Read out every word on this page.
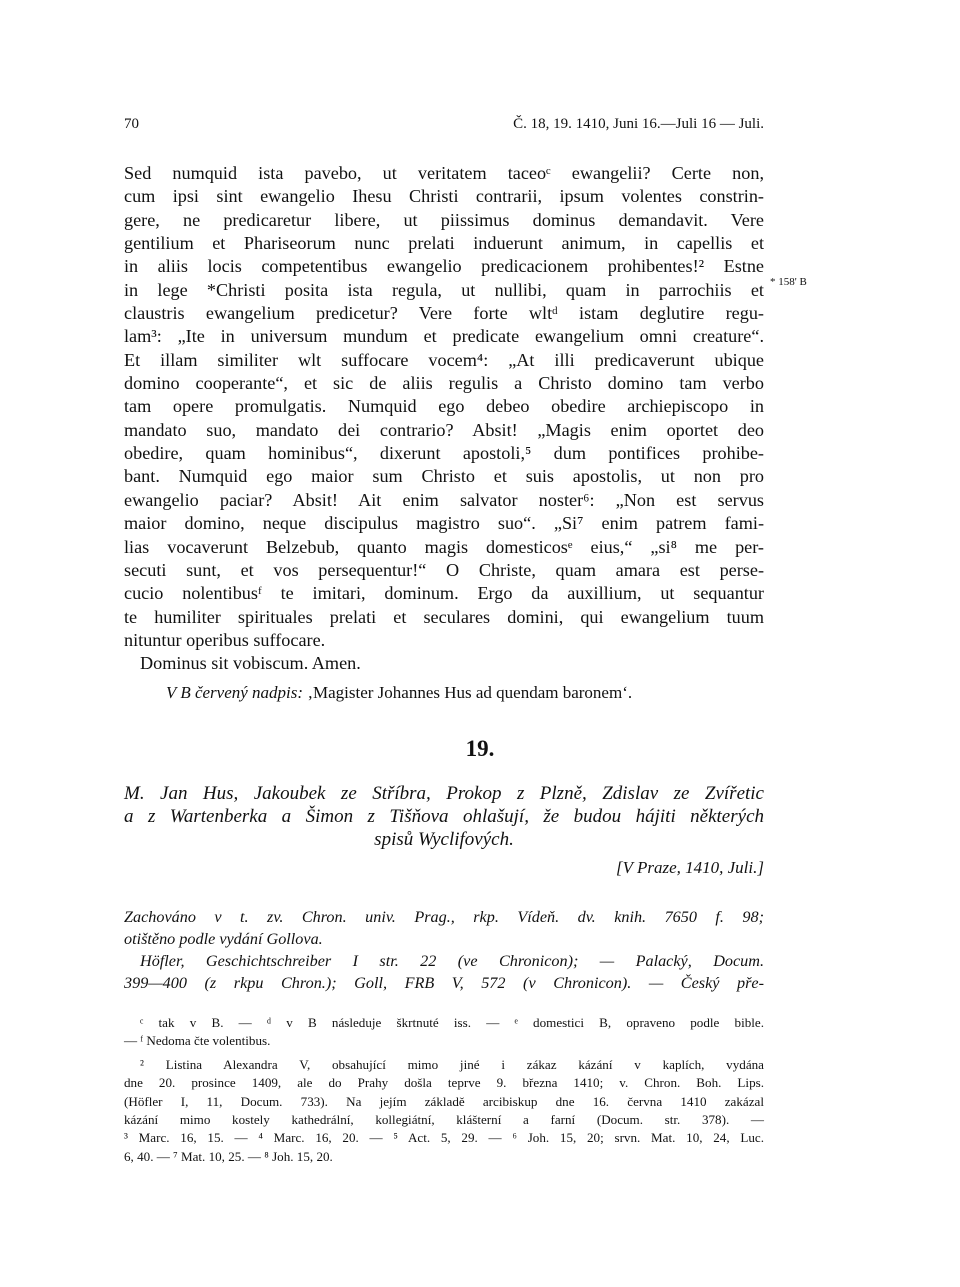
70	Č. 18, 19. 1410, Juni 16.—Juli 16 — Juli.
Sed numquid ista pavebo, ut veritatem taceoᶜ ewangelii? Certe non,
cum ipsi sint ewangelio Ihesu Christi contrarii, ipsum volentes constrin-
gere, ne predicaretur libere, ut piissimus dominus demandavit. Vere
gentilium et Phariseorum nunc prelati induerunt animum, in capellis et
in aliis locis competentibus ewangelio predicacionem prohibentes!² Estne
in lege *Christi posita ista regula, ut nullibi, quam in parrochiis et
claustris ewangelium predicetur? Vere forte wltᵈ istam deglutire regu-
lam³: „Ite in universum mundum et predicate ewangelium omni creature“.
Et illam similiter wlt suffocare vocem⁴: „At illi predicaverunt ubique
domino cooperante“, et sic de aliis regulis a Christo domino tam verbo
tam opere promulgatis. Numquid ego debeo obedire archiepiscopo in
mandato suo, mandato dei contrario? Absit! „Magis enim oportet deo
obedire, quam hominibus“, dixerunt apostoli,⁵ dum pontifices prohibe-
bant. Numquid ego maior sum Christo et suis apostolis, ut non pro
ewangelio paciar? Absit! Ait enim salvator noster⁶: „Non est servus
maior domino, neque discipulus magistro suo“. „Si⁷ enim patrem fami-
lias vocaverunt Belzebub, quanto magis domesticosᵉ eius,“ „si⁸ me per-
secuti sunt, et vos persequentur!“ O Christe, quam amara est perse-
cucio nolentibusᶠ te imitari, dominum. Ergo da auxillium, ut sequantur
te humiliter spirituales prelati et seculares domini, qui ewangelium tuum
nituntur operibus suffocare.
Dominus sit vobiscum. Amen.
* 158' B
V B červený nadpis: ‚Magister Johannes Hus ad quendam baronem‘.
19.
M. Jan Hus, Jakoubek ze Stříbra, Prokop z Plzně, Zdislav ze Zvířetic
a z Wartenberka a Šimon z Tišňova ohlašují, že budou hájiti některých
spisů Wyclifových.
[V Praze, 1410, Juli.]
Zachováno v t. zv. Chron. univ. Prag., rkp. Vídeň. dv. knih. 7650 f. 98;
otištěno podle vydání Gollova.
Höfler, Geschichtschreiber I str. 22 (ve Chronicon); — Palacký, Docum.
399—400 (z rkpu Chron.); Goll, FRB V, 572 (v Chronicon). — Český pře-
ᶜ tak v B. — ᵈ v B následuje škrtnuté iss. — ᵉ domestici B, opraveno podle bible.
— ᶠ Nedoma čte volentibus.
² Listina Alexandra V, obsahující mimo jiné i zákaz kázání v kaplích, vydána
dne 20. prosince 1409, ale do Prahy došla teprve 9. března 1410; v. Chron. Boh. Lips.
(Höfler I, 11, Docum. 733). Na jejím základě arcibiskup dne 16. června 1410 zakázal
kázání mimo kostely kathedrální, kollegiátní, klášterní a farní (Docum. str. 378). —
³ Marc. 16, 15. — ⁴ Marc. 16, 20. — ⁵ Act. 5, 29. — ⁶ Joh. 15, 20; srvn. Mat. 10, 24, Luc.
6, 40. — ⁷ Mat. 10, 25. — ⁸ Joh. 15, 20.
